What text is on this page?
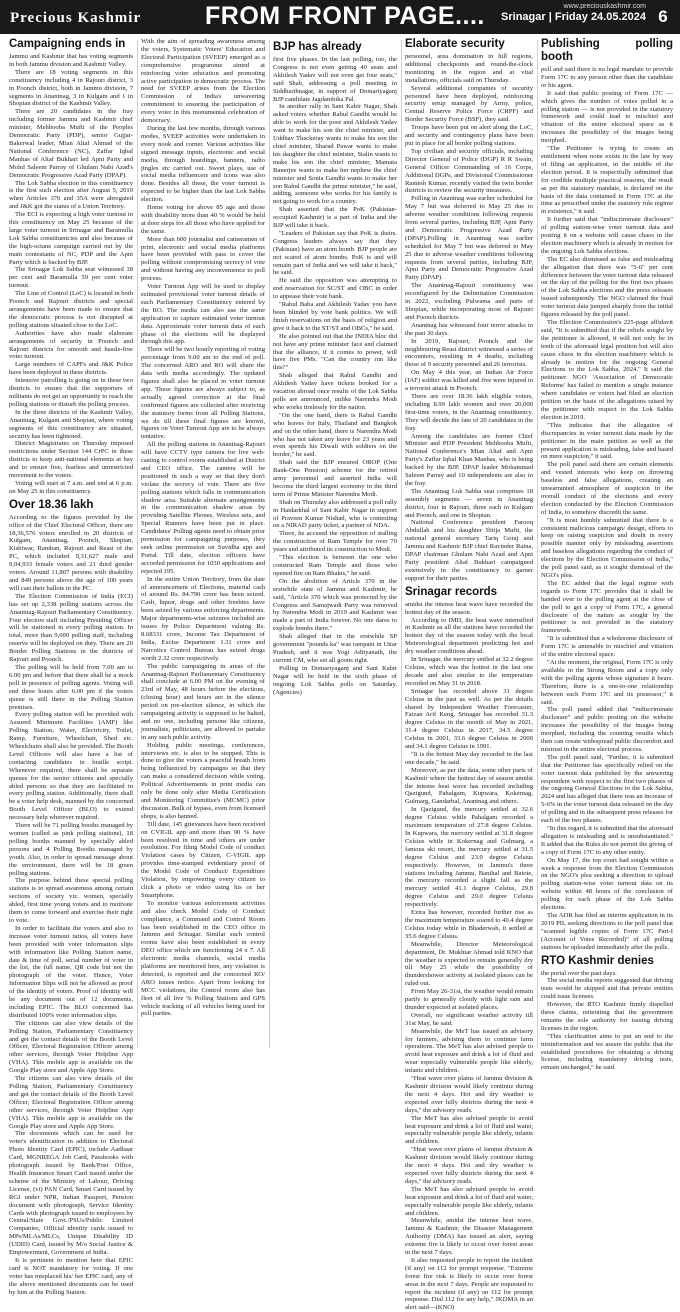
Precious Kashmir	FROM FRONT PAGE....	www.preciouskashmir.com
Srinagar | Friday 24.05.2024 6
Campaigning ends in

Jammu and Kashmir that has voting segments in both Jammu division and Kashmir Valley.

There are 18 voting segments in this constituency including 4 in Rajouri district, 3 in Poonch district, both in Jammu division, 7 segments in Anantnag, 3 in Kulgam and 1 in Shopian district of the Kashmir Valley.

There are 20 candidates in the fray including former Jammu and Kashmir chief minister, Mehbooba Mufti of the Peoples Democratic Party (PDP), senior Gujjar-Bakerwal leader, Mian Altaf Ahmad of the National Conference (NC), Zaffar Iqbal Manhas of Altaf Bukhari led Apni Party and Mohd Saleem Parray of Ghulam Nabi Azad's Democratic Progressive Azad Party (DPAP).

The Lok Sabha election in this constituency is the first such election after August 5, 2019 when Articles 370 and 35A were abrogated and J&K got the status of a Union Territory.

The ECI is expecting a high voter turnout in this constituency on May 25 because of the large voter turnout in Srinagar and Baramulla Lok Sabha constituencies and also because of the high-octane campaign carried out by the main contestants of NC, PDP and the Apni Party which is backed by BJP.

The Srinagar Lok Sabha seat witnessed 38 per cent and Baramulla 59 per cent voter turnout.

The Line of Control (LoC) is located in both Poonch and Rajouri districts and special arrangements have been made to ensure that the democratic process is not disrupted at polling stations situated close to the LoC.

Authorities have also made elaborate arrangements of security in Poonch and Rajouri districts for smooth and hassle-free voter turnout.

Large numbers of CAPFs and J&K Police have been deployed in these districts.

Intensive patrolling is going on in these two districts to ensure that the supporters of militants do not get an opportunity to reach the polling stations or disturb the polling process.

In the three districts of the Kashmir Valley, Anantnag, Kulgam and Shopian, where voting segments of this constituency are situated, security has been tightened.

District Magistrates on Thursday imposed restrictions under Section 144 CrPC in these districts to keep anti-national elements at bay and to ensure free, fearless and unrestricted movement to the voters.

Voting will start at 7 a.m. and end at 6 p.m. on May 25 in this constituency.

Over 18.36 lakh

According to the figures provided by the office of the Chief Electoral Officer, there are 18,36,576 voters enrolled in 20 districts of Kulgam, Anantnag, Poonch, Shopian, Kishtwar, Ramban, Rajouri and Reasi of the PC, which included 9,31,627 male and 9,04,933 female voters and 21 third gender voters. Around 11,807 persons with disability and 849 persons above the age of 100 years will cast their ballots in the PC.

The Election Commission of India (ECI) has set up 2,338 polling stations across the Anantnag-Rajouri Parliamentary Constituency. Four electors staff including Presiding Officer will be stationed in every polling station. In total, more than 9,000 polling staff, including reserve will be deployed on duty. There are 20 Border Polling Stations in the districts of Rajouri and Poonch.

The polling will be held from 7.00 am to 6.00 pm and before that there shall be a mock poll in presence of polling agents. Voting will end three hours after 6.00 pm if the voters queue is still there in the Polling Station premises.

Every polling station will be provided with Assured Minimum Facilities (AMF) like Polling Station, Water, Electricity, Toilet, Ramp, Furniture, Wheelchair, Shed etc. Wheelchairs shall also be provided. The Booth Level Officers will also have a list of contacting candidates in braille script. Whenever required, there shall be separate queues for the senior citizens and specially abled persons so that they are facilitated in every polling station. Additionally, there shall be a voter help desk, manned by the concerned Booth Level Officer (BLO) to extend necessary help wherever required.

There will be 71 polling booths managed by women (called as pink polling stations), 18 polling booths manned by specially abled persons and 4 Polling Booths managed by youth. Also, in order to spread message about the environment, there will be 18 green polling stations.

The purpose behind these special polling stations is to spread awareness among certain sections of society viz. women, specially abled, first time young voters and to motivate them to come forward and exercise their right to vote.

In order to facilitate the voters and also to increase voter turnout ratios, all voters have been provided with voter information slips with information like Polling Station name, date & time of poll, serial number of voter in the list, the full name, QR code but not the photograph of the voter. Hence, Voter Information Slips will not be allowed as proof of the identity of voters. Proof of identity will be any document out of 12 documents, including EPIC. The BLO concerned has distributed 100% voter information slips.

The citizens can also view details of the Polling Station, Parliamentary Constituency and get the contact details of the Booth Level Officer, Electoral Registration Officer among other services, through Voter Helpline App (VHA). This mobile app is available on the Google Play store and Apple App Store.

The citizens can also view details of the Polling Station, Parliamentary Constituency and get the contact details of the Booth Level Officer, Electoral Registration Officer among other services, through Voter Helpline App (VHA). This mobile app is available on the Google Play store and Apple App Store.

The documents which can be used for voter's identification in addition to Electoral Photo Identity Card (EPIC), include Aadhaar Card, MGNREGA Job Card, Passbooks with photograph issued by Bank/Post Office, Health Insurance Smart Card issued under the scheme of the Ministry of Labour, Driving License, (vi) PAN Card, Smart Card issued by RGI under NPR, Indian Passport, Pension document with photograph, Service Identity Cards with photograph issued to employees by Central/State Govt./PSUs/Public Limited Companies, Official identity cards issued to MPs/MLAs/MLCs, Unique Disability ID (UDID) Card, issued by M/o Social Justice & Empowerment, Government of India.

It is pertinent to mention here that EPIC card is NOT mandatory for voting. If one voter has misplaced his/ her EPIC card, any of the above mentioned documents can be used by him at the Polling Station.

With the aim of spreading awareness among the voters, Systematic Voters' Education and Electoral Participation (SVEEP) emerged as a comprehensive programme aimed at reinforcing voter education and promoting active participation in democratic process. The need for SVEEP arises from the Election Commission of India's unwavering commitment to ensuring the participation of every voter in this monumental celebration of democracy.

During the last few months, through various modes, SVEEP activities were undertaken in every nook and corner. Various activities like signed message inputs, electronic and social media, through hoardings, banners, radio jingles etc carried out. Sweet plays, use of social media influencers and icons was also done. Besides all these, the voter turnout is expected to be higher than the last Lok Sabha election.

Home voting for above 85 age and those with disability more than 40 % would be held at door steps for all those who have applied for the same.

More than 600 journalist and cameramen of print, electronic and social media platforms have been provided with pass to cover the polling without compromising secrecy of vote and without having any inconvenience to poll process.

Voter Turnout App will be used to display estimated provisional voter turnout details of each Parliamentary Constituency entered by the RO. The media can also use the same application to capture estimated voter turnout data. Approximate voter turnout data of each phase of the elections will be displayed through this app.

There will be two hourly reporting of voting percentage from 9.00 am to the end of poll. The concerned ARO and RO will share the data with media accordingly. The updated figures shall also be placed in voter turnout app. These figures are always subject to, as actually agreed correction at the final confirmed figures are collected after receiving the statutory forms from all Polling Stations, we do till these final figures are known, figures on Voter Turnout App are to be always tentative.

All the polling stations in Anantnag-Rajouri will have CCTV type camera for live web-casting to control rooms established at District and CEO office. The camera will be positioned in such a way so that they don't violate the secrecy of vote. There are five polling stations which falls in communication shadow area. Suitable alternate arrangements in the communication shadow areas by providing Satellite Phones, Wireless sets, and Special Runners have been put in place. Candidates' Polling agents need to obtain prior permission for campaigning purposes, they seek online permission on Suvidha app and Portal. Till date, election officers have accorded permission for 1030 applications and rejected 195.

In the entire Union Territory, from the date of announcement of Elections, material cash of around Rs. 84.790 crore has been seized. Cash, liquor, drugs and other freebies have been seized by various enforcing departments. Major departments-wise seizures included are issues by Police Department valuing Rs. 8.68331 crore, Income Tax Department of India, Excise Department 1.31 crore and Narcotics Control Bureau has seized drugs worth 2.32 crore respectively.

The public campaigning in areas of the Anantnag-Rajouri Parliamentary Constituency shall conclude at 6.00 PM on the evening of 23rd of May, 48 hours before the elections, (closing hour) and hours are in the silence period on pre-election silence, in which the campaigning activity is supposed to be halted, and no one, including persons like citizens, journalists, politicians, are allowed to partake in any such public activity.

Holding public meetings, conferences, interviews etc. is also to be stopped. This is done to give the voters a peaceful breath from being influenced by campaigns so that they can make a considered decision while voting. Political Advertisements in print media can only be done only after Media Certification and Monitoring Committee's (MCMC) prior discussion. Bulk of bypass, even from licensed shops, is also banned.

Till date, 145 grievances have been received on CVIGIL app and more than 90 % have been resolved in time and others are under resolution. For filing Model Code of conduct Violation cases by Citizen, C-VIGIL app provides time-stamped evidentiary proof of the Model Code of Conduct/ Expenditure Violation, by empowering every citizen to click a photo or video using his or her Smartphone.

To monitor various enforcement activities and also check Model Code of Conduct compliance, a Command and Control Room has been established in the CEO office in Jammu and Srinagar. Similar such control rooms have also been established in every DEO office which are functioning 24 x 7. All electronic media channels, social media platforms are monitored here, any violation is detected, is reported and the concerned RO/ ARO issues notice. Apart from looking for MCC violations, the Control room also has fleet of all live % Polling Stations and GPS vehicle tracking of all vehicles being used for poll parties.

BJP has already

first five phases. In the last polling, too, the Congress is not even getting 40 seats and Akhilesh Yadav will not even get four seats," said Shah, addressing a poll meeting in Siddharthnagar, in support of Domariyaganj BJP candidate Jagdambika Pal.

In another rally in Sant Kabir Nagar, Shah asked voters whether Rahul Gandhi would be able to work for the poor and Akhilesh Yadav want to make his son the chief minister, and Uddhav Thackeray wants to make his son the chief minister, Sharad Pawar wants to make his daughter the chief minister, Stalin wants to make his son the chief minister, Mamata Banerjee wants to make her nephew the chief minister and Sonia Gandhi wants to make her son Rahul Gandhi the prime minister," he said, adding, someone who works for his family is not going to work for a country.

Shah asserted that the PoK (Pakistan-occupied Kashmir) is a part of India and the BJP will take it back.

"Leaders of Pakistan say that PoK is theirs. Congress leaders always say that they (Pakistan) have an atom bomb. BJP people are not scared of atom bombs. PoK is and will remain part of India and we will take it back," he said.

He said the opposition was attempting to end reservation for SC/ST and OBC in order to appease their vote bank.

"Rahul Baba and Akhilesh Yadav you have been blinded by vote bank politics. We will finish reservations on the basis of religion and give it back to the ST/ST and OBCs," he said.

He also pointed out that the INDIA bloc did not have any prime minister face and claimed that the alliance, if it comes to power, will have five PMs. "Can the country run like this?"

Shah alleged that Rahul Gandhi and Akhilesh Yadav have tickets booked for a vacation abroad once results of the Lok Sabha polls are announced, unlike Narendra Modi who works tirelessly for the nation.

"On the one hand, there is Rahul Gandhi who leaves for Italy, Thailand and Bangkok and on the other hand, there is Narendra Modi who has not taken any leave for 23 years and even spends his Diwali with soldiers on the border," he said.

Shah said the BJP ensured OROP (One Rank-One Pension) scheme for the retired army personnel and asserted India will become the third largest economy in the third term of Prime Minister Narendra Modi.

Shah on Thursday also addressed a poll rally in Haidarkhal of Sant Kabir Nagar in support of Praveen Kumar Nishad, who is contesting on a NIRAD party ticket, a partner of NDA.

There, he accused the opposition of stalling the construction of Ram Temple for over 70 years and attributed its construction to Modi.

"This election is between the one who constructed Ram Temple and those who opened fire on Ram Bhakts," he said.

On the abolition of Article 370 in the erstwhile state of Jammu and Kashmir, he said, "Article 370 which was protected by the Congress and Samajwadi Party was removed by Narendra Modi in 2019 and Kashmir was made a part of India forever. No one dares to explode bombs there."

Shah alleged that in the erstwhile SP government "pounds ka" was rampant in Uttar Pradesh, and it was Yogi Adityanath, the current CM, who set all goons right.

Polling in Domariyaganj and Sant Kabir Nagar will be held in the sixth phase of ongoing Lok Sabha polls on Saturday. (Agencies)

Elaborate security

personnel, area domination in hill regions, additional checkpoints and round-the-clock monitoring in the region and at vital installations, officials said on Thursday.

Several additional companies of security personnel have been deployed, reinforcing security setup managed by Army, police, Central Reserve Police Force (CRPF) and Border Security Force (BSF), they said.

Troops have been put on alert along the LoC, and security and contingency plans have been put in place for all border polling stations.

Top civilian and security officials, including Director General of Police (DGP) R R Swain, General Officer Commanding of 16 Corps, Additional DGPs, and Divisional Commissioner Ramesh Kumar, recently visited the twin border districts to review the security measures.

Polling in Anantnag was earlier scheduled for May 7 but was deferred to May 25 due to adverse weather conditions following requests from several parties, including BJP, Apni Party and Democratic Progressive Azad Party (DPAP).Polling in Anantnag was earlier scheduled for May 7 but was deferred to May 25 due to adverse weather conditions following requests from several parties, including BJP, Apni Party and Democratic Progressive Azad Party (DPAP).

The Anantnag-Rajouri constituency was reconfigured by the Delimitation Commission in 2022, excluding Pulwama and parts of Shopian, while incorporating most of Rajouri and Poonch districts.

Anantnag has witnessed four terror attacks in the past 30 days.

In 2019, Rajouri, Poonch and the neighbouring Reasi district witnessed a series of encounters, resulting in 4 deaths, including those of 9 security personnel and 26 terrorists.

On May 4 this year, an Indian Air Force (IAF) soldier was killed and five were injured in a terrorist attack in Poonch.

There are over 18.36 lakh eligible voters, including 8.99 lakh women and over 20,000 first-time voters, in the Anantnag constituency. They will decide the fate of 20 candidates in the fray.

Among the candidates are former Chief Minister and PDP President Mehbooba Mufti, National Conference's Mian Altaf and Apni Party's Zaffar Iqbal Khan Manhas, who is being backed by the BJP. DPAP leader Mohammad Saleem Parray and 10 independents are also in the fray.

The Anantnag Lok Sabha seat comprises 18 assembly segments — seven in Anantnag district, four in Rajouri, three each in Kulgam and Poonch, and one in Shopian.

National Conference president Farooq Abdullah and his daughter Ilitija Mufti, the national general secretary Tariq Goraj and Jammu and Kashmir BJP chief Ravinder Raina, DPAP chairman Ghulam Nabi Azad and Apni Party president Altaf Bukhari campaigned extensively in the constituency to garner support for their parties.

Srinagar records

amidst the intense heat wave have recorded the hottest day of the season.

According to IMD, the heat wave intensified in Kashmir as all the stations have recorded the hottest day of the season today with the local Meteorological department predicting hot and dry weather conditions ahead.

In Srinagar, the mercury settled at 32.2 degree Celsius, which was the hottest in the last one decade and also similar to the temperature recorded on May 31 in 2018.

Srinagar has recorded above 31 degree Celsius in the past as well. As per the details shared by Independent Weather Forecaster, Faizan Arif Keng, Srinagar has recorded 31.3 degree Celsius in the month of May in 2021, 31.4 degree Celsius in 2017, 34.5 degree Celsius in 2001, 33.6 degree Celsius in 2000 and 34.1 degree Celsius in 1991.

"It is the hottest May day recorded in the last one decade," he said.

Moreover, as per the data, some other parts of Kashmir where the hottest day of season amidst the intense heat wave has recorded including Qazigund, Pahalgam, Kupwara, Kokernag, Gulmarg, Gandarbal, Anantnag and others.

In Qazigund, the mercury settled at 32.6 degree Celsius while Pahalgam recorded a maximum temperature of 27.8 degree Celsius. In Kupwara, the mercury settled at 31.8 degree Celsius while in Kokernag and Gulmarg, a famous ski resort, the mercury settled at 31.5 degree Celsius and 23.0 degree Celsius respectively. However, in Jammu's three stations including Jammu, Banihal and Batote, the mercury recorded a slight fall as the mercury settled 41.1 degree Celsius, 29.8 degree Celsius and 29.0 degree Celsius respectively.

Extra has however, recorded further rise as the maximum temperature soared to 40.4 degree Celsius today while in Bhaderwah, it settled at 35.6 degree Celsius.

Meanwhile, Director Meteorological department, Dr. Mukhtar Ahmad told KNO that the weather is expected to remain generally dry till May 25 while the possibility of thundershower activity at isolated places can be ruled out.

From May 26-31st, the weather would remain partly to generally cloudy with light rain and thunder expected at isolated places.

Overall, no significant weather activity till 31st May, he said.

Meanwhile, the MeT has issued an advisory for farmers, advising them to continue farm operations. The MeT has also advised people to avoid heat exposure and drink a lot of fluid and wear especially vulnerable people like elderly, infants and children.

"Heat wave over plains of Jammu division & Kashmir division would likely continue during the next 4 days. Hot and dry weather is expected over hilly districts during the next 4 days," the advisory reads.

The MeT has also advised people to avoid heat exposure and drink a lot of fluid and water, especially vulnerable people like elderly, infants and children.

"Heat wave over plains of Jammu division & Kashmir division would likely continue during the next 4 days. Hot and dry weather is expected over hilly districts during the next 4 days," the advisory reads.

The MeT has also advised people to avoid heat exposure and drink a lot of fluid and water, especially vulnerable people like elderly, infants and children.

Meanwhile, amidst the intense heat wave, Jammu & Kashmir, the Disaster Management Authority (DMA) has issued an alert, saying extreme fire is likely to occur over forest areas in the next 7 days.

It also requested people to report the incident (if any) on 112 for prompt response. "Extreme forest fire risk is likely to occur over forest areas in the next 7 days. People are requested to report the incident (if any) on 112 for prompt response. Dial 112 for any help," JKDMA in an alert said—(KNO)

Publishing polling booth

poll and said there is no legal mandate to provide Form 17C to any person other than the candidate or his agent.

It said that public posting of Form 17C — which gives the number of votes polled in a polling station — is not provided in the statutory framework and could lead to mischief and vitiation of the entire electoral space as it increases the possibility of the images being morphed.

"The Petitioner is trying to create an entitlement when none exists in the law by way of filing an application, in the middle of the election period. It is respectfully submitted that for credible multiple practical reasons, the result as per the statutory mandate, is declared on the basis of the data contained in Form 17C at the time as prescribed under the statutory rule regime in existence," it said.

It further said that "indiscriminate disclosure" of polling station-wise voter turnout data and posting it on a website will cause chaos in the election machinery which is already in motion for the ongoing Lok Sabha elections.

The EC also dismissed as false and misleading the allegation that there was "5-6" per cent difference between the voter turnout data released on the day of the polling for the first two phases of the Lok Sabha elections and the press releases issued subsequently. The NGO claimed the final voter turnout data jumped sharply from the initial figures released by the poll panel.

The Election Commission's 225-page affidavit said, "It is submitted that if the reliefs sought by the petitioner is allowed, it will not only be in teeth of the aforesaid legal position but will also cause chaos in the election machinery which is already in motion for the ongoing General Elections to the Lok Sabha, 2024." It said the petitioner NGO 'Association of Democratic Reforms' has failed to mention a single instance where candidates or voters had filed an election petition on the basis of the allegations raised by the petitioner with respect to the Lok Sabha election in 2019.

"This indicates that the allegation of discrepancies in voter turnout data made by the petitioner in the main petition as well as the present application is misleading, false and based on mere suspicion," it said.

The poll panel said there are certain elements and vested interests who keep on throwing baseless and false allegations, creating an unwarranted atmosphere of suspicion in the overall conduct of the elections and every election conducted by the Election Commission of India, to somehow discredit the same.

"It is most humbly submitted that there is a consistent malicious campaign/ design, efforts to keep on raising suspicion and doubt in every possible manner only by misleading assertions and baseless allegations regarding the conduct of elections by the Election Commission of India," the poll panel said, as it sought dismissal of the NGO's plea.

The EC added that the legal regime with regards to Form 17C provides that it shall be handed over to the polling agent at the close of the poll to get a copy of Form 17C, a general disclosure of the nature as sought by the petitioner is not provided in the statutory framework.

"It is submitted that a wholesome disclosure of Form 17C is amenable to mischief and vitiation of the entire electoral space.

"At the moment, the original, Form 17C is only available in the Strong Room and a copy only with the polling agents whose signature it bears. Therefore, there is a one-to-one relationship between each Form 17C and its possessor," it said.

The poll panel added that "indiscriminate disclosure" and public posting on the website increases the possibility of the images being morphed, including the counting results which then can create widespread public discomfort and mistrust in the entire electoral process.

The poll panel said, "Further, it is submitted that the Petitioner has specifically relied on the voter turnout data published by the answering respondent with respect to the first two phases of the ongoing General Elections to the Lok Sabha, 2024 and has alleged that there was an increase of 5-6% in the voter turnout data released on the day of polling and in the subsequent press releases for each of the two phases.

"In this regard, it is submitted that the aforesaid allegation is misleading and is unsubstantiated." It added that the Rules do not permit the giving of a copy of Form 17C to any other entity.

On May 17, the top court had sought within a week a response from the Election Commission on the NGO's plea seeking a direction to upload polling station-wise voter turnout data on its website within 48 hours of the conclusion of polling for each phase of the Lok Sabha elections.

The ADR has filed an interim application in its 2019 PIL seeking directions to the poll panel that "scanned legible copies of Form 17C Part-I (Account of Votes Recorded)" of all polling stations be uploaded immediately after the polls.

RTO Kashmir denies

the portal over the past days.

The social media reports suggested that driving tests would be skipped and that private entities could issue licenses.

However, the RTO Kashmir firmly dispelled these claims, reiterating that the government remains the sole authority for issuing driving licenses in the region.

"This clarification aims to put an end to the misinformation and we assure the public that the established procedures for obtaining a driving license, including mandatory driving tests, remain unchanged," he said.
